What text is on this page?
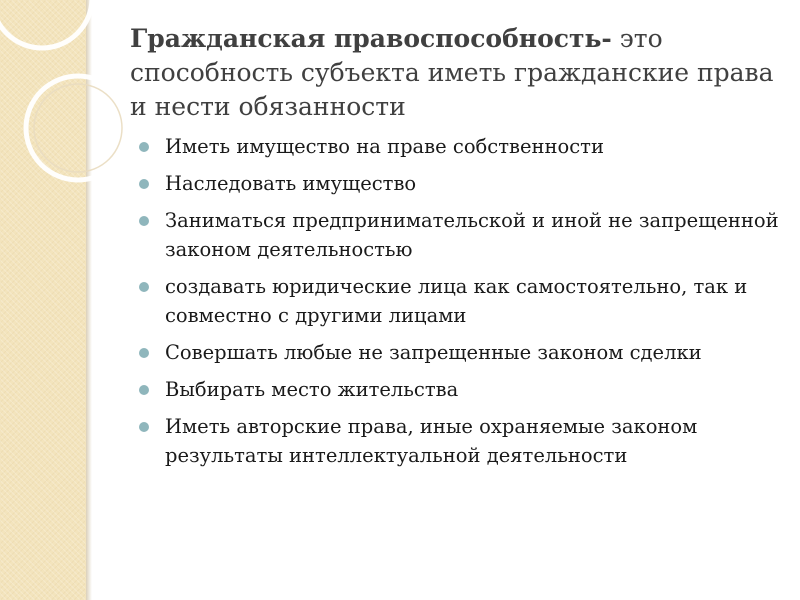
Гражданская правоспособность- это способность субъекта иметь гражданские права и нести обязанности
Иметь имущество на праве собственности
Наследовать имущество
Заниматься предпринимательской и иной не запрещенной законом деятельностью
создавать юридические лица как самостоятельно, так и совместно с другими лицами
Совершать любые не запрещенные законом сделки
Выбирать место жительства
Иметь авторские права, иные охраняемые законом результаты интеллектуальной деятельности
